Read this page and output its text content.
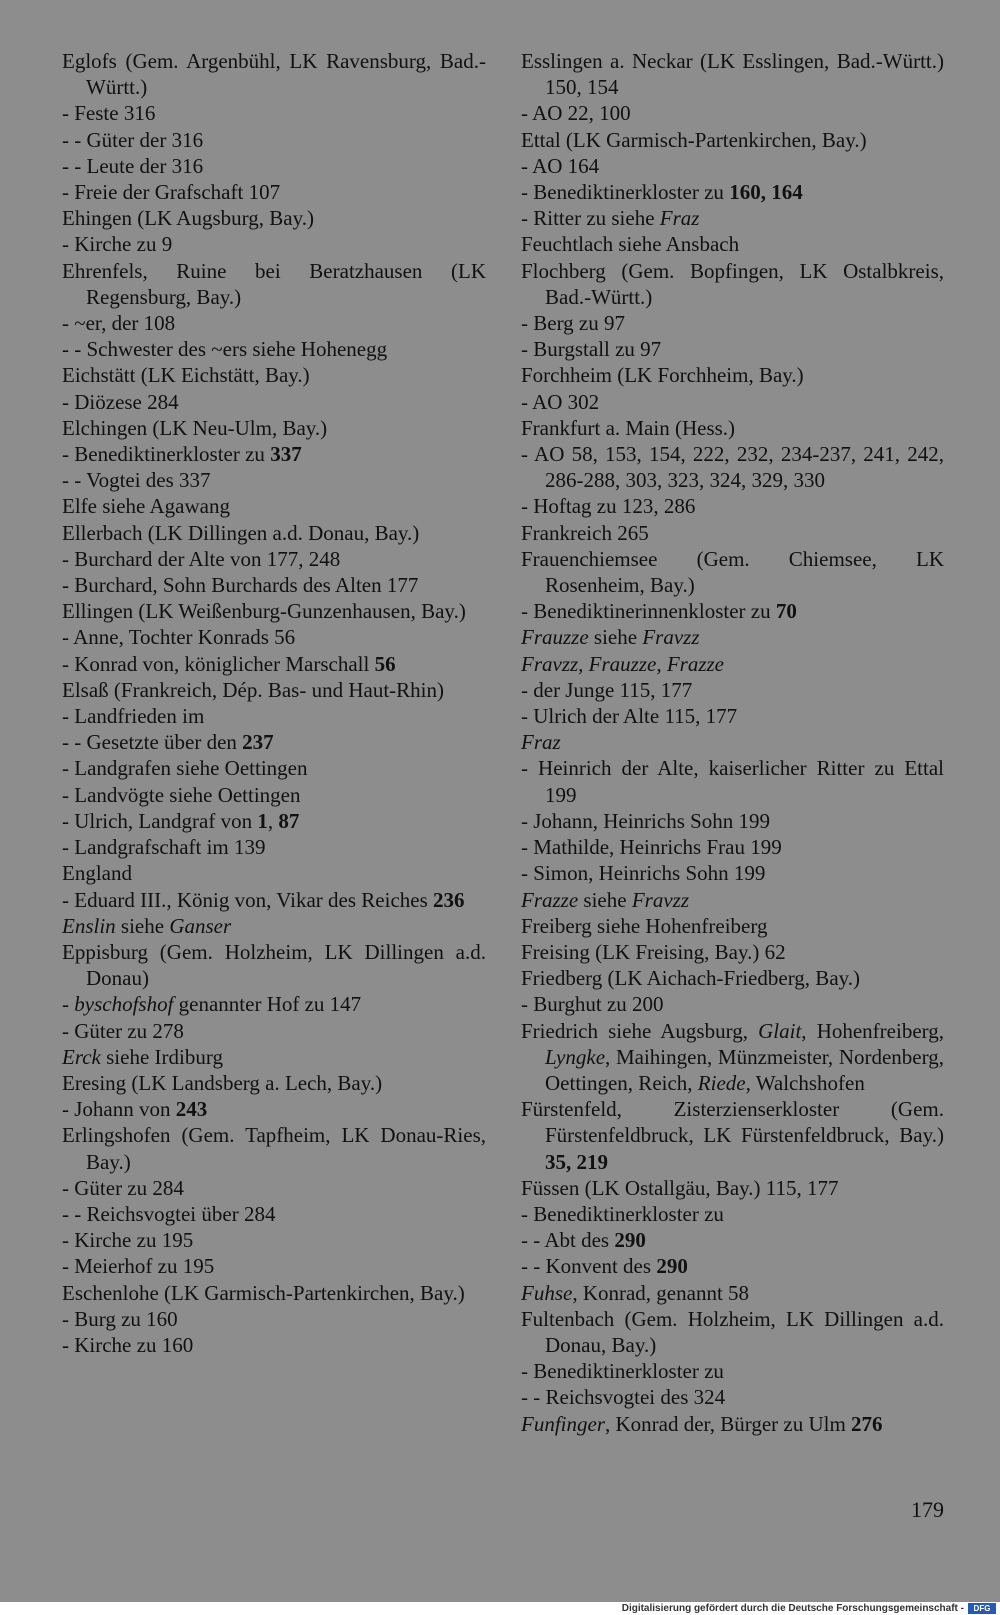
Eglofs (Gem. Argenbühl, LK Ravensburg, Bad.-Württ.)
- Feste 316
- - Güter der 316
- - Leute der 316
- Freie der Grafschaft 107
Ehingen (LK Augsburg, Bay.)
- Kirche zu 9
Ehrenfels, Ruine bei Beratzhausen (LK Regensburg, Bay.)
- ~er, der 108
- - Schwester des ~ers siehe Hohenegg
Eichstätt (LK Eichstätt, Bay.)
- Diözese 284
Elchingen (LK Neu-Ulm, Bay.)
- Benediktinerkloster zu 337
- - Vogtei des 337
Elfe siehe Agawang
Ellerbach (LK Dillingen a.d. Donau, Bay.)
- Burchard der Alte von 177, 248
- Burchard, Sohn Burchards des Alten 177
Ellingen (LK Weißenburg-Gunzenhausen, Bay.)
- Anne, Tochter Konrads 56
- Konrad von, königlicher Marschall 56
Elsaß (Frankreich, Dép. Bas- und Haut-Rhin)
- Landfrieden im
- - Gesetzte über den 237
- Landgrafen siehe Oettingen
- Landvögte siehe Oettingen
- Ulrich, Landgraf von 1, 87
- Landgrafschaft im 139
England
- Eduard III., König von, Vikar des Reiches 236
Enslin siehe Ganser
Eppisburg (Gem. Holzheim, LK Dillingen a.d. Donau)
- byschofshof genannter Hof zu 147
- Güter zu 278
Erck siehe Irdiburg
Eresing (LK Landsberg a. Lech, Bay.)
- Johann von 243
Erlingshofen (Gem. Tapfheim, LK Donau-Ries, Bay.)
- Güter zu 284
- - Reichsvogtei über 284
- Kirche zu 195
- Meierhof zu 195
Eschenlohe (LK Garmisch-Partenkirchen, Bay.)
- Burg zu 160
- Kirche zu 160
Esslingen a. Neckar (LK Esslingen, Bad.-Württ.) 150, 154
- AO 22, 100
Ettal (LK Garmisch-Partenkirchen, Bay.)
- AO 164
- Benediktinerkloster zu 160, 164
- Ritter zu siehe Fraz
Feuchtlach siehe Ansbach
Flochberg (Gem. Bopfingen, LK Ostalbkreis, Bad.-Württ.)
- Berg zu 97
- Burgstall zu 97
Forchheim (LK Forchheim, Bay.)
- AO 302
Frankfurt a. Main (Hess.)
- AO 58, 153, 154, 222, 232, 234-237, 241, 242, 286-288, 303, 323, 324, 329, 330
- Hoftag zu 123, 286
Frankreich 265
Frauenchiemsee (Gem. Chiemsee, LK Rosenheim, Bay.)
- Benediktinerinnenkloster zu 70
Frauzze siehe Fravzz
Fravzz, Frauzze, Frazze
- der Junge 115, 177
- Ulrich der Alte 115, 177
Fraz
- Heinrich der Alte, kaiserlicher Ritter zu Ettal 199
- Johann, Heinrichs Sohn 199
- Mathilde, Heinrichs Frau 199
- Simon, Heinrichs Sohn 199
Frazze siehe Fravzz
Freiberg siehe Hohenfreiberg
Freising (LK Freising, Bay.) 62
Friedberg (LK Aichach-Friedberg, Bay.)
- Burghut zu 200
Friedrich siehe Augsburg, Glait, Hohenfreiberg, Lyngke, Maihingen, Münzmeister, Nordenberg, Oettingen, Reich, Riede, Walchshofen
Fürstenfeld, Zisterzienserkloster (Gem. Fürstenfeldbruck, LK Fürstenfeldbruck, Bay.) 35, 219
Füssen (LK Ostallgäu, Bay.) 115, 177
- Benediktinerkloster zu
- - Abt des 290
- - Konvent des 290
Fuhse, Konrad, genannt 58
Fultenbach (Gem. Holzheim, LK Dillingen a.d. Donau, Bay.)
- Benediktinerkloster zu
- - Reichsvogtei des 324
Funfinger, Konrad der, Bürger zu Ulm 276
179
Digitalisierung gefördert durch die Deutsche Forschungsgemeinschaft -	DFG
